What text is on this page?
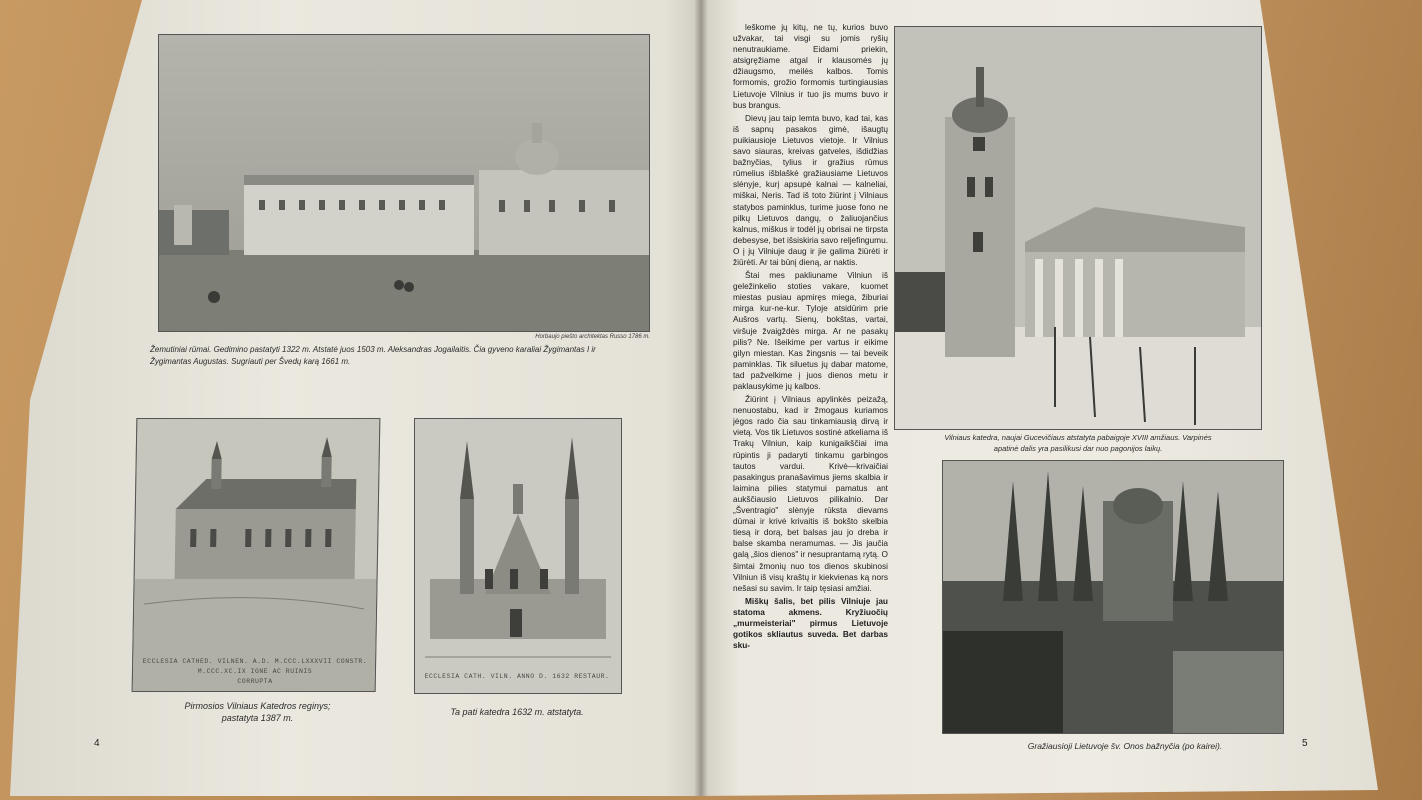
Horbaujo piešto architektas Russo 1786 m.
Žemutiniai rūmai. Gedimino pastatyti 1322 m. Atstatė juos 1503 m. Aleksandras Jogailaitis. Čia gyveno karaliai Žygimantas I ir
Žygimantas Augustas. Sugriauti per Švedų karą 1661 m.
ECCLESIA CATHED. VILNEN. A.D. M.CCC.LXXXVII CONSTR.
M.CCC.XC.IX IGNE AC RUINIS
CORRUPTA
Pirmosios Vilniaus Katedros reginys;
pastatyta 1387 m.
ECCLESIA CATH. VILN. ANNO D. 1632 RESTAUR.
Ta pati katedra 1632 m. atstatyta.
4

leškome jų kitų, ne tų, kurios buvo užvakar, tai visgi su jomis ryšių nenutraukiame. Eidami priekin, atsigręžiame atgal ir klausomės jų džiaugsmo, meilės kalbos. Tomis formomis, grožio formomis turtingiausias Lietuvoje Vilnius ir tuo jis mums buvo ir bus brangus.

Dievų jau taip lemta buvo, kad tai, kas iš sapnų pasakos gimė, išaugtų puikiausioje Lietuvos vietoje. Ir Vilnius savo siauras, kreivas gatveles, išdidžias bažnyčias, tylius ir gražius rūmus rūmelius išblaškė gražiausiame Lietuvos slėnyje, kurį apsupė kalnai — kalneliai, miškai, Neris. Tad iš toto žiūrint į Vilniaus statybos paminklus, turime juose fono ne pilkų Lietuvos dangų, o žaliuojančius kalnus, miškus ir todėl jų obrisai ne tirpsta debesyse, bet išsiskiria savo reljefingumu. O į jų Vilniuje daug ir jie galima žiūrėti ir žiūrėti. Ar tai būnį dieną, ar naktis.

Štai mes pakliuname Vilniun iš geležinkelio stoties vakare, kuomet miestas pusiau apmiręs miega, žiburiai mirga kur-ne-kur. Tyloje atsidūrim prie Aušros vartų. Sienų, bokštas, vartai, viršuje žvaigždės mirga. Ar ne pasakų pilis? Ne. Išeikime per vartus ir eikime gilyn miestan. Kas žingsnis — tai beveik paminklas. Tik siluetus jų dabar matome, tad pažvelkime į juos dienos metu ir paklausykime jų kalbos.

Žiūrint į Vilniaus apylinkės peizažą, nenuostabu, kad ir žmogaus kuriamos jėgos rado čia sau tinkamiausią dirvą ir vietą. Vos tik Lietuvos sostinė atkeliama iš Trakų Vilniun, kaip kunigaikščiai ima rūpintis ji padaryti tinkamu garbingos tautos vardui. Krivė—krivaičiai pasakingus pranašavimus jiems skalbia ir laimina pilies statymui pamatus ant aukščiausio Lietuvos pilikalnio. Dar „Šventragio" slėnyje rūksta dievams dūmai ir krivė krivaitis iš bokšto skelbia tiesą ir dorą, bet balsas jau jo dreba ir balse skamba neramumas. — Jis jaučia galą „šios dienos" ir nesuprantamą rytą. O šimtai žmonių nuo tos dienos skubinosi Vilniun iš visų kraštų ir kiekvienas ką nors nešasi su savim. Ir taip tęsiasi amžiai.

Miškų šalis, bet pilis Vilniuje jau statoma akmens. Kryžiuočių „murmeisteriai" pirmus Lietuvoje gotikos skliautus suveda. Bet darbas sku-

Vilniaus katedra, naujai Gucevičiaus atstatyta pabaigoje XVIII amžiaus. Varpinės
apatinė dalis yra pasilikusi dar nuo pagonijos laikų.
Gražiausioji Lietuvoje šv. Onos bažnyčia (po kairei).	5
